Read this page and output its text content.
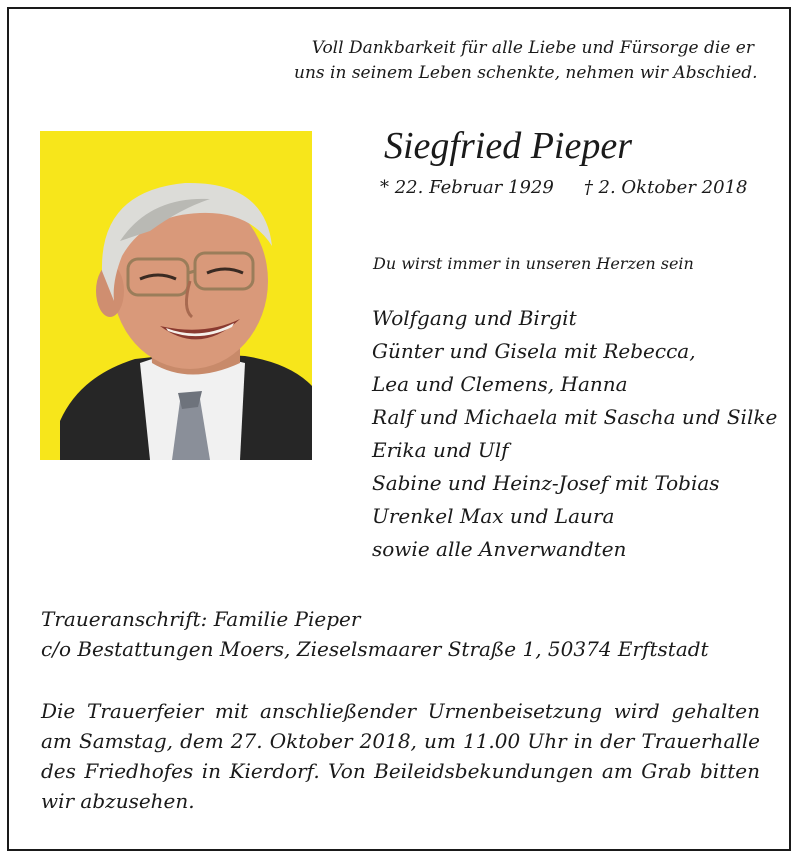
Voll Dankbarkeit für alle Liebe und Fürsorge die er
uns in seinem Leben schenkte, nehmen wir Abschied.
Siegfried Pieper
* 22. Februar 1929 † 2. Oktober 2018
Du wirst immer in unseren Herzen sein
Wolfgang und Birgit
Günter und Gisela mit Rebecca,
Lea und Clemens, Hanna
Ralf und Michaela mit Sascha und Silke
Erika und Ulf
Sabine und Heinz-Josef mit Tobias
Urenkel Max und Laura
sowie alle Anverwandten
Traueranschrift: Familie Pieper
c/o Bestattungen Moers, Zieselsmaarer Straße 1, 50374 Erftstadt
Die Trauerfeier mit anschließender Urnenbeisetzung wird gehalten am Samstag, dem 27. Oktober 2018, um 11.00 Uhr in der Trauerhalle des Friedhofes in Kierdorf. Von Beileidsbekundungen am Grab bitten wir abzusehen.
